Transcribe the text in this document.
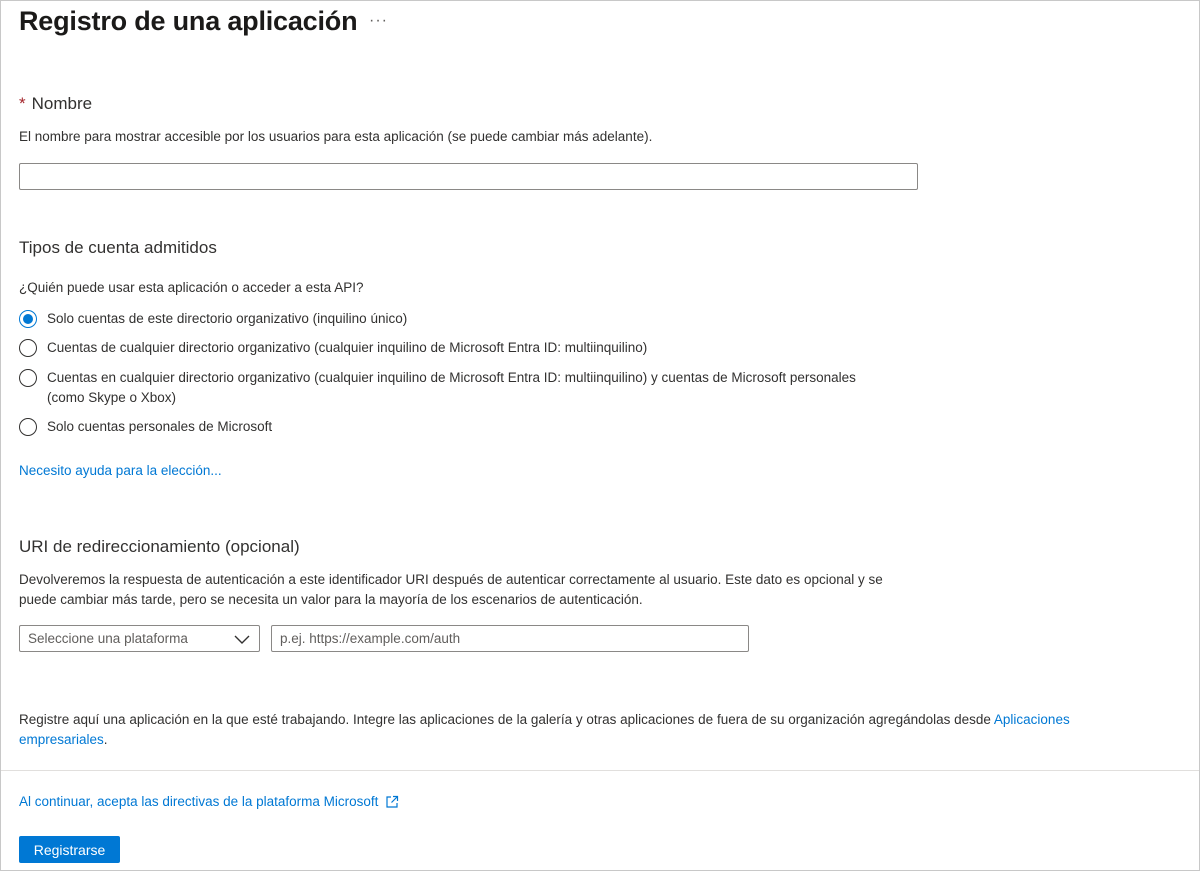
Registro de una aplicación ···
* Nombre
El nombre para mostrar accesible por los usuarios para esta aplicación (se puede cambiar más adelante).
Tipos de cuenta admitidos
¿Quién puede usar esta aplicación o acceder a esta API?
Solo cuentas de este directorio organizativo (inquilino único)
Cuentas de cualquier directorio organizativo (cualquier inquilino de Microsoft Entra ID: multiinquilino)
Cuentas en cualquier directorio organizativo (cualquier inquilino de Microsoft Entra ID: multiinquilino) y cuentas de Microsoft personales (como Skype o Xbox)
Solo cuentas personales de Microsoft
Necesito ayuda para la elección...
URI de redireccionamiento (opcional)
Devolveremos la respuesta de autenticación a este identificador URI después de autenticar correctamente al usuario. Este dato es opcional y se puede cambiar más tarde, pero se necesita un valor para la mayoría de los escenarios de autenticación.
Seleccione una plataforma
p.ej. https://example.com/auth
Registre aquí una aplicación en la que esté trabajando. Integre las aplicaciones de la galería y otras aplicaciones de fuera de su organización agregándolas desde Aplicaciones empresariales.
Al continuar, acepta las directivas de la plataforma Microsoft
Registrarse
